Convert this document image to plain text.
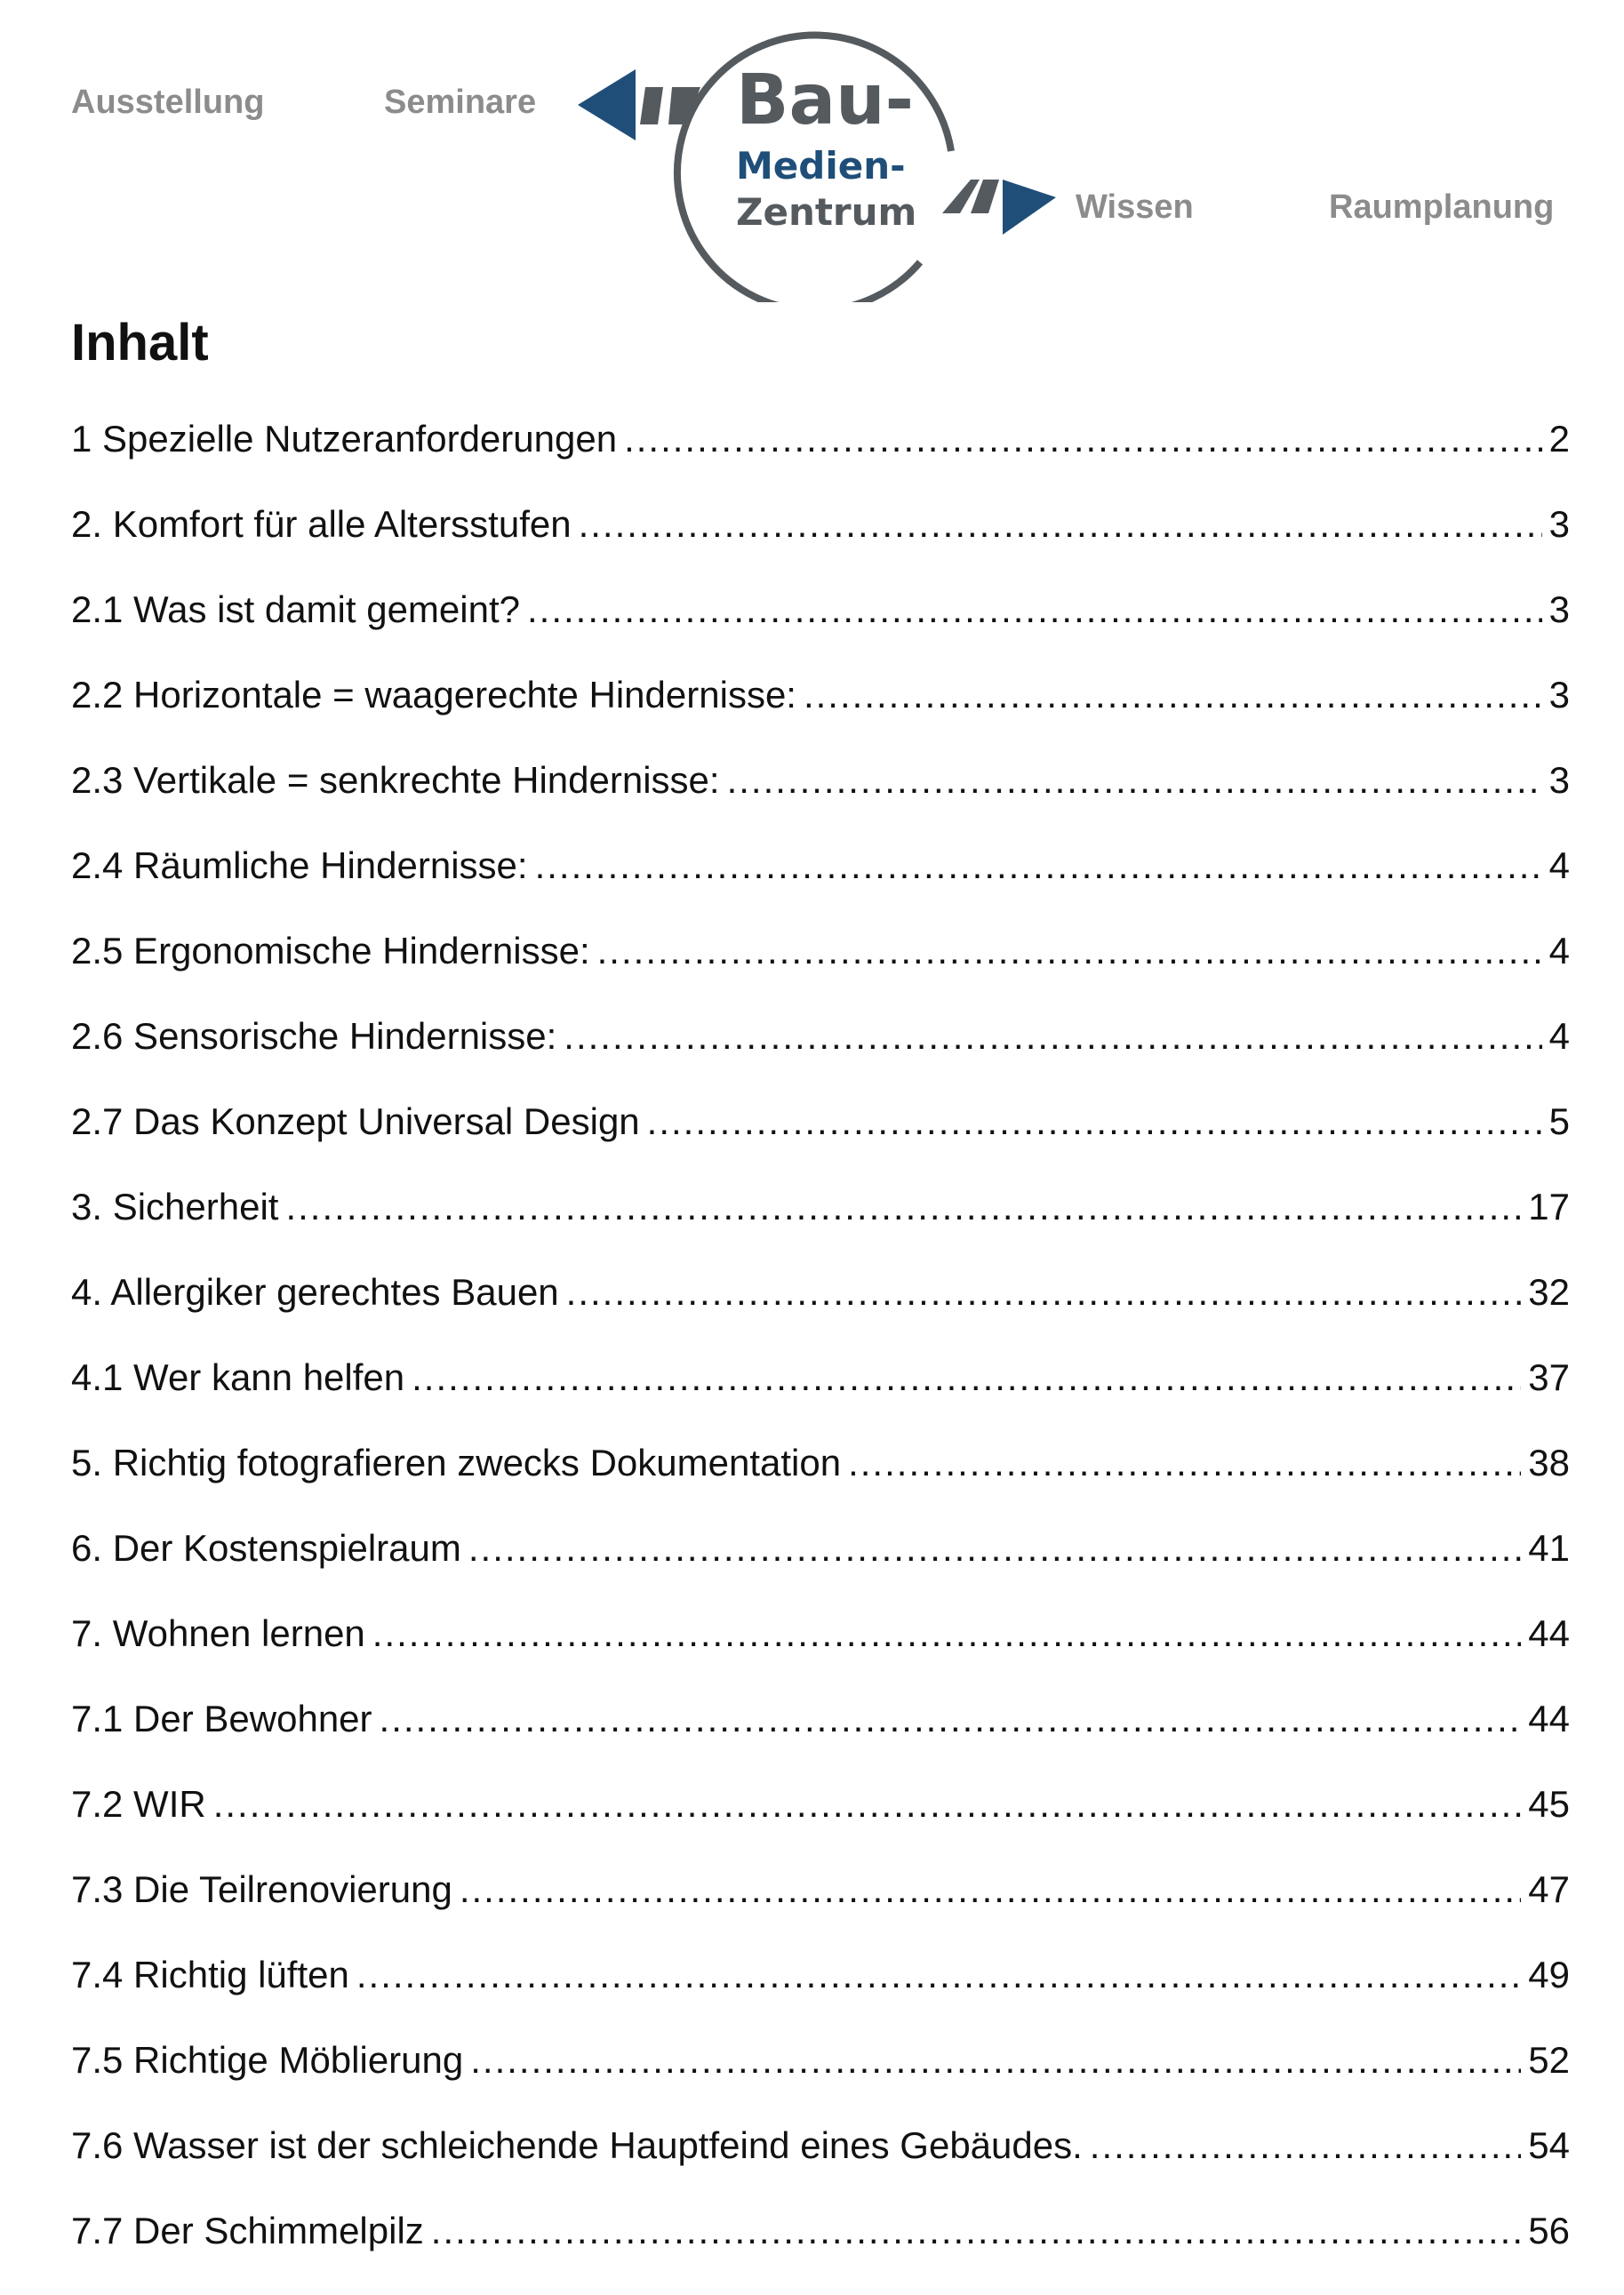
Ausstellung	Seminare	Bau-
Medien-
Zentrum	Wissen	Raumplanung
Inhalt
1 Spezielle Nutzeranforderungen .....	2
2. Komfort für alle Altersstufen .....	3
2.1 Was ist damit gemeint? .....	3
2.2 Horizontale = waagerechte Hindernisse: .....	3
2.3 Vertikale = senkrechte Hindernisse: .....	3
2.4 Räumliche Hindernisse: .....	4
2.5 Ergonomische Hindernisse: .....	4
2.6 Sensorische Hindernisse: .....	4
2.7 Das Konzept Universal Design .....	5
3. Sicherheit .....	17
4. Allergiker gerechtes Bauen .....	32
4.1 Wer kann helfen .....	37
5. Richtig fotografieren zwecks Dokumentation .....	38
6. Der Kostenspielraum .....	41
7. Wohnen lernen .....	44
7.1 Der Bewohner .....	44
7.2 WIR .....	45
7.3 Die Teilrenovierung .....	47
7.4 Richtig lüften .....	49
7.5 Richtige Möblierung .....	52
7.6 Wasser ist der schleichende Hauptfeind eines Gebäudes. .....	54
7.7 Der Schimmelpilz .....	56
